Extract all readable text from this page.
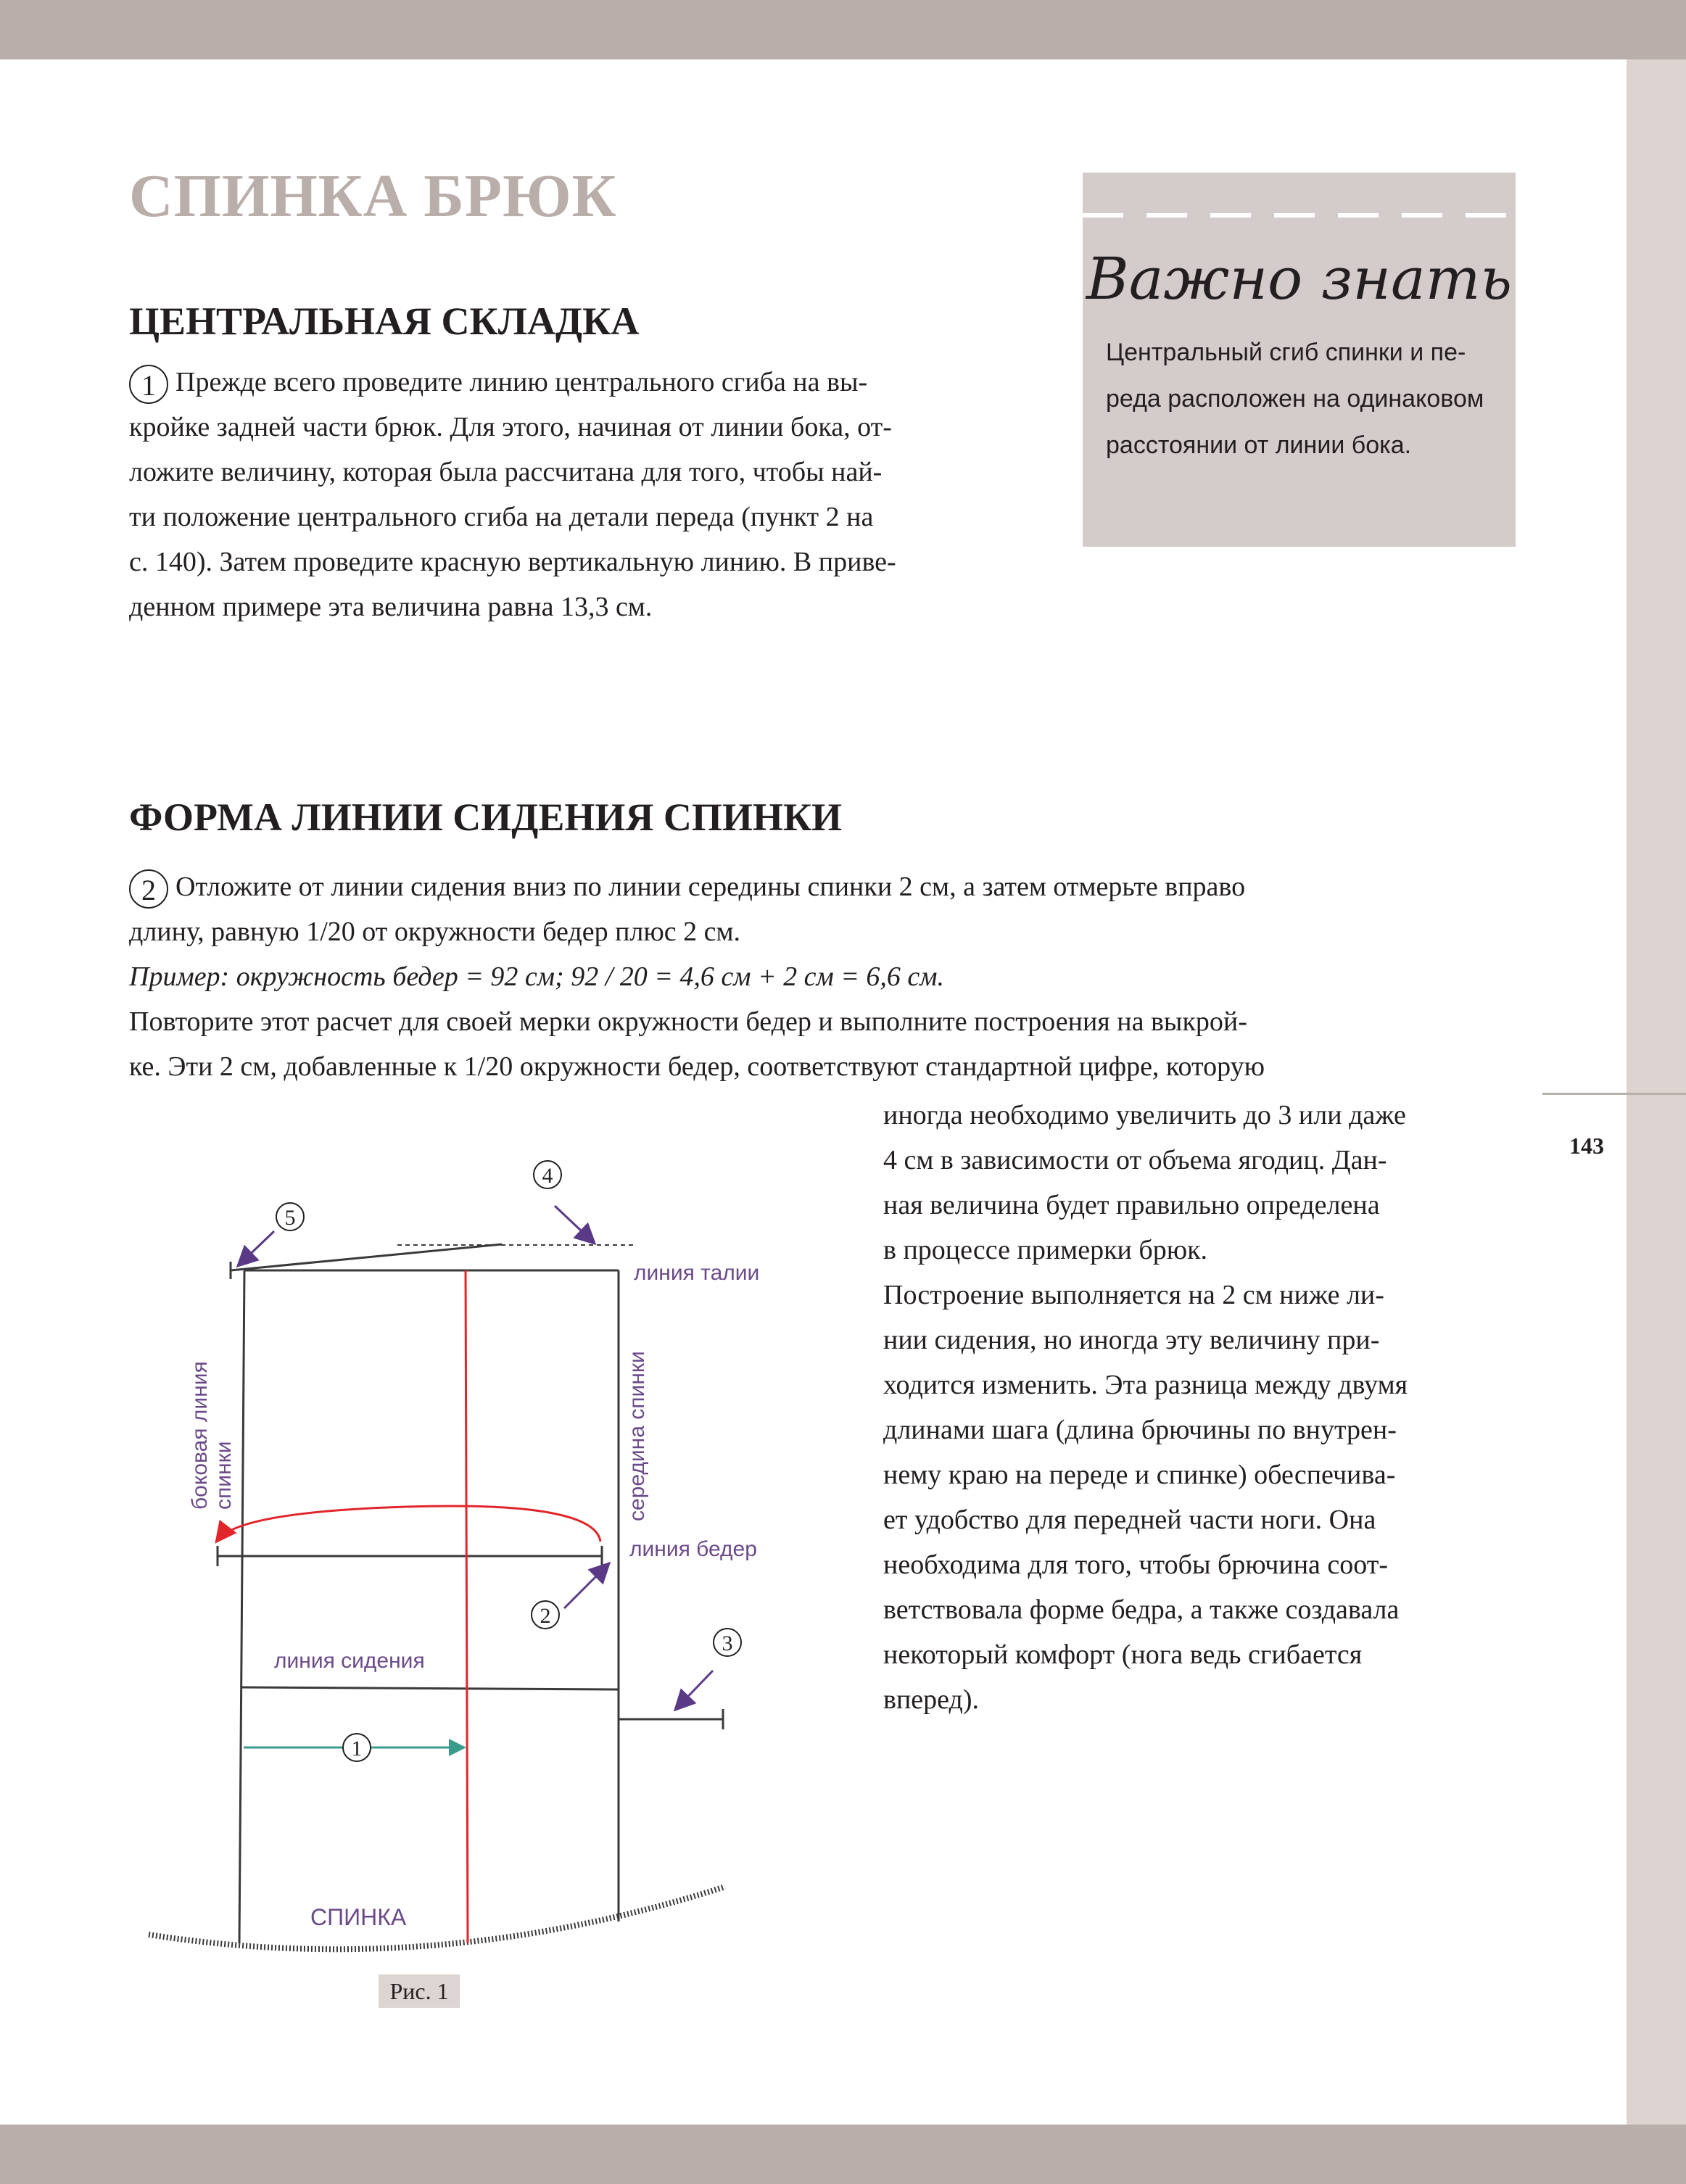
143
СПИНКА БРЮК
ЦЕНТРАЛЬНАЯ СКЛАДКА
1 Прежде всего проведите линию центрального сгиба на вы-
кройке задней части брюк. Для этого, начиная от линии бока, от-
ложите величину, которая была рассчитана для того, чтобы най-
ти положение центрального сгиба на детали переда (пункт 2 на
с. 140). Затем проведите красную вертикальную линию. В приве-
денном примере эта величина равна 13,3 см.
Важно знать
Центральный сгиб спинки и пе-
реда расположен на одинаковом
расстоянии от линии бока.
ФОРМА ЛИНИИ СИДЕНИЯ СПИНКИ
2 Отложите от линии сидения вниз по линии середины спинки 2 см, а затем отмерьте вправо
длину, равную 1/20 от окружности бедер плюс 2 см.
Пример: окружность бедер = 92 см; 92 / 20 = 4,6 см + 2 см = 6,6 см.
Повторите этот расчет для своей мерки окружности бедер и выполните построения на выкрой-
ке. Эти 2 см, добавленные к 1/20 окружности бедер, соответствуют стандартной цифре, которую
иногда необходимо увеличить до 3 или даже
4 см в зависимости от объема ягодиц. Дан-
ная величина будет правильно определена
в процессе примерки брюк.
Построение выполняется на 2 см ниже ли-
нии сидения, но иногда эту величину при-
ходится изменить. Эта разница между двумя
длинами шага (длина брючины по внутрен-
нему краю на переде и спинке) обеспечива-
ет удобство для передней части ноги. Она
необходима для того, чтобы брючина соот-
ветствовала форме бедра, а также создавала
некоторый комфорт (нога ведь сгибается
вперед).
1
2
3
4
5
линия талии
линия бедер
линия сидения
СПИНКА
боковая линия спинки	середина спинки
Рис. 1
